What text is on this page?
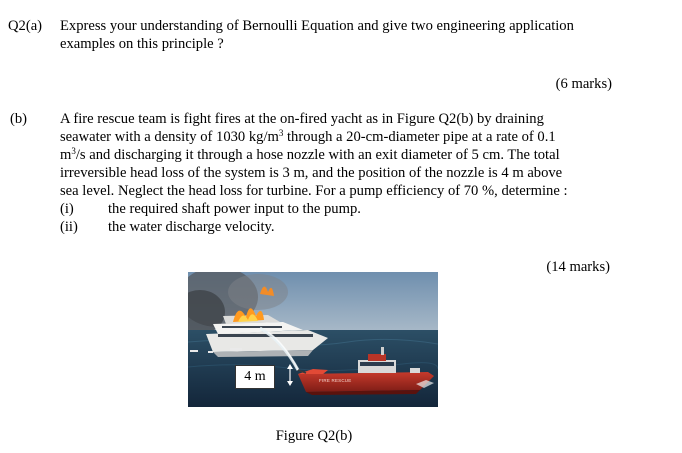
Q2(a) Express your understanding of Bernoulli Equation and give two engineering application
examples on this principle ?
(6 marks)
(b) A fire rescue team is fight fires at the on-fired yacht as in Figure Q2(b) by draining
seawater with a density of 1030 $kg/m^3$ through a 20-cm-diameter pipe at a rate of 0.1
$m^3/s$ and discharging it through a hose nozzle with an exit diameter of 5 cm. The total
irreversible head loss of the system is 3 m, and the position of the nozzle is 4 m above
sea level. Neglect the head loss for turbine. For a pump efficiency of 70 %, determine :
(i) the required shaft power input to the pump.
(ii) the water discharge velocity.
(14 marks)
4 m	FIRE RESCUE
Figure Q2(b)
